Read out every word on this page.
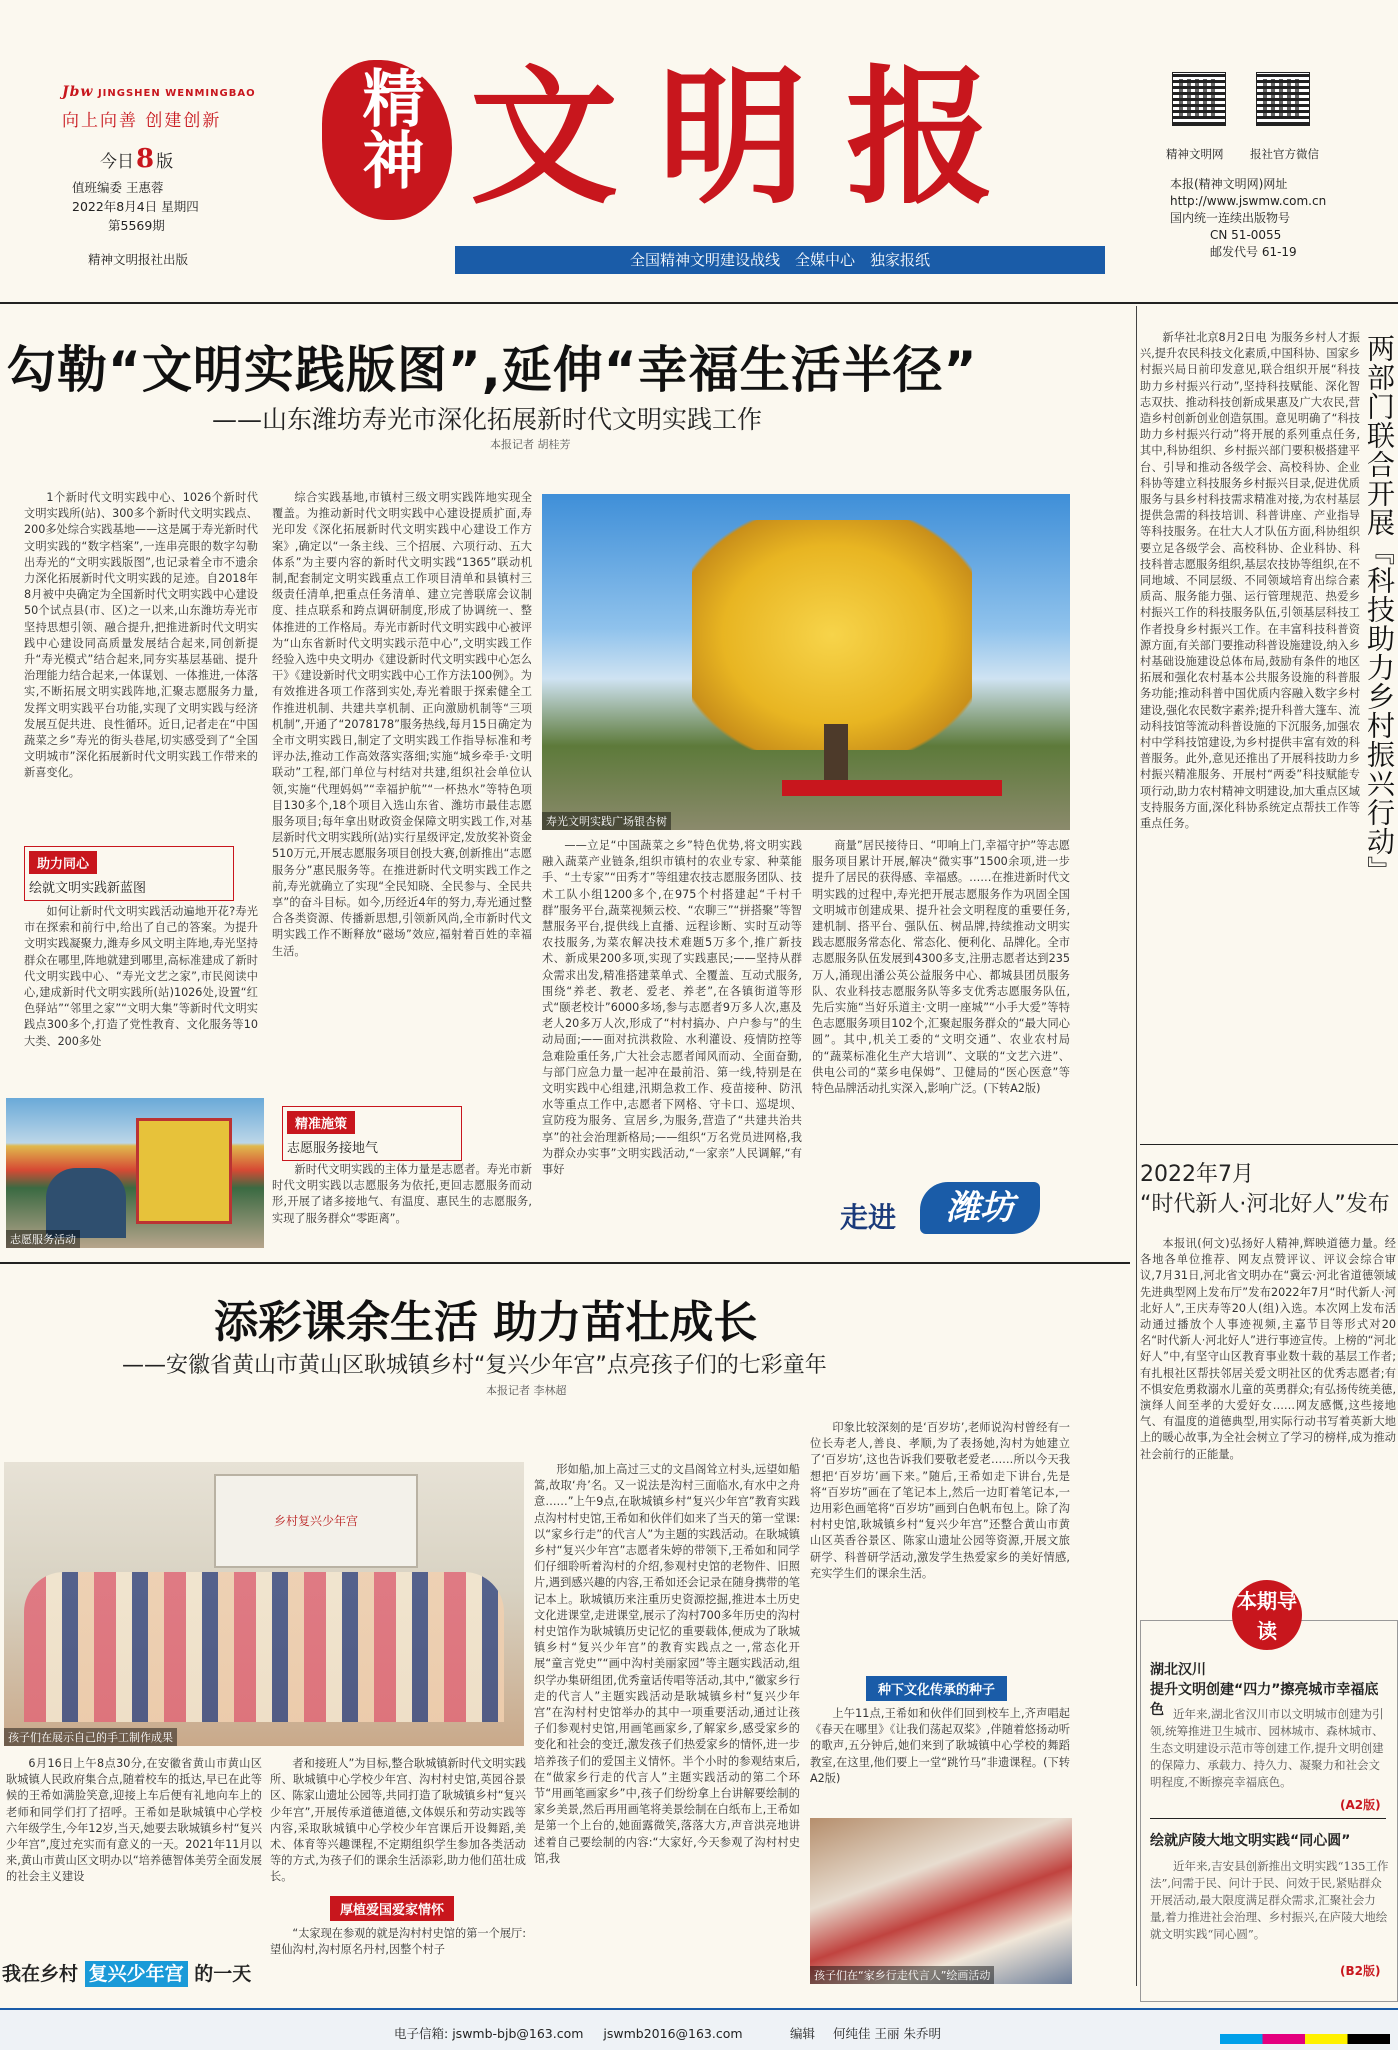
Jbw JINGSHEN WENMINGBAO
向上向善 创建创新
今日8 版
值班编委 王惠蓉
2022年8月4日 星期四
第5569期
精神文明报社出版
精神 文明报
全国精神文明建设战线　全媒中心　独家报纸
精神文明网 报社官方微信
本报(精神文明网)网址
http://www.jswmw.com.cn
国内统一连续出版物号
CN 51-0055
邮发代号 61-19
勾勒“文明实践版图”,延伸“幸福生活半径”
——山东潍坊寿光市深化拓展新时代文明实践工作
本报记者 胡桂芳

1个新时代文明实践中心、1026个新时代文明实践所(站)、300多个新时代文明实践点、200多处综合实践基地——这是属于寿光新时代文明实践的“数字档案”,一连串亮眼的数字勾勒出寿光的“文明实践版图”,也记录着全市不遗余力深化拓展新时代文明实践的足迹。自2018年8月被中央确定为全国新时代文明实践中心建设50个试点县(市、区)之一以来,山东潍坊寿光市坚持思想引领、融合提升,把推进新时代文明实践中心建设同高质量发展结合起来,同创新提升“寿光模式”结合起来,同夯实基层基础、提升治理能力结合起来,一体谋划、一体推进,一体落实,不断拓展文明实践阵地,汇聚志愿服务力量,发挥文明实践平台功能,实现了文明实践与经济发展互促共进、良性循环。近日,记者走在“中国蔬菜之乡”寿光的街头巷尾,切实感受到了“全国文明城市”深化拓展新时代文明实践工作带来的新喜变化。

助力同心
绘就文明实践新蓝图

如何让新时代文明实践活动遍地开花?寿光市在探索和前行中,给出了自己的答案。为提升文明实践凝聚力,潍寿乡风文明主阵地,寿光坚持群众在哪里,阵地就建到哪里,高标准建成了新时代文明实践中心、“寿光文艺之家”,市民阅读中心,建成新时代文明实践所(站)1026处,设置“红色驿站”“邻里之家”“文明大集”等新时代文明实践点300多个,打造了党性教育、文化服务等10大类、200多处

志愿服务活动

综合实践基地,市镇村三级文明实践阵地实现全覆盖。为推动新时代文明实践中心建设提质扩面,寿光印发《深化拓展新时代文明实践中心建设工作方案》,确定以“一条主线、三个招展、六项行动、五大体系”为主要内容的新时代文明实践“1365”联动机制,配套制定文明实践重点工作项目清单和县镇村三级责任清单,把重点任务清单、建立完善联席会议制度、挂点联系和跨点调研制度,形成了协调统一、整体推进的工作格局。寿光市新时代文明实践中心被评为“山东省新时代文明实践示范中心”,文明实践工作经验入选中央文明办《建设新时代文明实践中心怎么干》《建设新时代文明实践中心工作方法100例》。为有效推进各项工作落到实处,寿光着眼于探索健全工作推进机制、共建共享机制、正向激励机制等“三项机制”,开通了“2078178”服务热线,每月15日确定为全市文明实践日,制定了文明实践工作指导标准和考评办法,推动工作高效落实落细;实施“城乡牵手·文明联动”工程,部门单位与村结对共建,组织社会单位认领,实施“代理妈妈”“幸福护航”“一杯热水”等特色项目130多个,18个项目入选山东省、潍坊市最佳志愿服务项目;每年拿出财政资金保障文明实践工作,对基层新时代文明实践所(站)实行星级评定,发放奖补资金510万元,开展志愿服务项目创投大赛,创新推出“志愿服务分”惠民服务等。在推进新时代文明实践工作之前,寿光就确立了实现“全民知晓、全民参与、全民共享”的奋斗目标。如今,历经近4年的努力,寿光通过整合各类资源、传播新思想,引领新风尚,全市新时代文明实践工作不断释放“磁场”效应,福射着百姓的幸福生活。

精准施策
志愿服务接地气

新时代文明实践的主体力量是志愿者。寿光市新时代文明实践以志愿服务为依托,更回志愿服务而动形,开展了诸多接地气、有温度、惠民生的志愿服务,实现了服务群众“零距离”。

寿光文明实践广场银杏树

——立足“中国蔬菜之乡”特色优势,将文明实践融入蔬菜产业链条,组织市镇村的农业专家、种菜能手、“土专家”“田秀才”等组建农技志愿服务团队、技术工队小组1200多个,在975个村搭建起“千村千群”服务平台,蔬菜视频云校、“农聊三”“拼搭聚”等智慧服务平台,提供线上直播、远程诊断、实时互动等农技服务,为菜农解决技术难题5万多个,推广新技术、新成果200多项,实现了实践惠民;——坚持从群众需求出发,精准搭建菜单式、全覆盖、互动式服务,围绕“养老、教老、爱老、养老”,在各镇街道等形式“颐老校计”6000多场,参与志愿者9万多人次,惠及老人20多万人次,形成了“村村搞办、户户参与”的生动局面;——面对抗洪救险、水利灌设、疫情防控等急难险重任务,广大社会志愿者闻风而动、全面奋勤,与部门应急力量一起冲在最前沿、第一线,特别是在文明实践中心组建,汛期急救工作、疫苗接种、防汛水等重点工作中,志愿者下网格、守卡口、巡堤坝、宣防疫为服务、宣居乡,为服务,营造了“共建共治共享”的社会治理新格局;——组织“万名党员进网格,我为群众办实事”文明实践活动,“一家亲”人民调解,“有事好

商量”居民接待日、“叩响上门,幸福守护”等志愿服务项目累计开展,解决“微实事”1500余项,进一步提升了居民的获得感、幸福感。……在推进新时代文明实践的过程中,寿光把开展志愿服务作为巩固全国文明城市创建成果、提升社会文明程度的重要任务,建机制、搭平台、强队伍、树品牌,持续推动文明实践志愿服务常态化、常态化、便利化、品牌化。全市志愿服务队伍发展到4300多支,注册志愿者达到235万人,涌现出潘公英公益服务中心、都城县团员服务队、农业科技志愿服务队等多支优秀志愿服务队伍,先后实施“当好乐道主·文明一座城”“小手大爱”等特色志愿服务项目102个,汇聚起服务群众的“最大同心圆”。其中,机关工委的“文明交通”、农业农村局的“蔬菜标准化生产大培训”、文联的“文艺六进”、供电公司的“菜乡电保姆”、卫健局的“医心医意”等特色品牌活动扎实深入,影响广泛。(下转A2版)

走进	潍坊

新华社北京8月2日电 为服务乡村人才振兴,提升农民科技文化素质,中国科协、国家乡村振兴局日前印发意见,联合组织开展“科技助力乡村振兴行动”,坚持科技赋能、深化智志双扶、推动科技创新成果惠及广大农民,营造乡村创新创业创造氛围。意见明确了“科技助力乡村振兴行动”将开展的系列重点任务,其中,科协组织、乡村振兴部门要积极搭建平台、引导和推动各级学会、高校科协、企业科协等建立科技服务乡村振兴目录,促进优质服务与县乡村科技需求精准对接,为农村基层提供急需的科技培训、科普讲座、产业指导等科技服务。在壮大人才队伍方面,科协组织要立足各级学会、高校科协、企业科协、科技科普志愿服务组织,基层农技协等组织,在不同地域、不同层级、不同领域培育出综合素质高、服务能力强、运行管理规范、热爱乡村振兴工作的科技服务队伍,引领基层科技工作者投身乡村振兴工作。在丰富科技科普资源方面,有关部门要推动科普设施建设,纳入乡村基础设施建设总体布局,鼓励有条件的地区拓展和强化农村基本公共服务设施的科普服务功能;推动科普中国优质内容融入数字乡村建设,强化农民数字素养;提升科普大篷车、流动科技馆等流动科普设施的下沉服务,加强农村中学科技馆建设,为乡村提供丰富有效的科普服务。此外,意见还推出了开展科技助力乡村振兴精准服务、开展村“两委”科技赋能专项行动,助力农村精神文明建设,加大重点区域支持服务方面,深化科协系统定点帮扶工作等重点任务。	两部门联合开展『科技助力乡村振兴行动』
2022年7月
“时代新人·河北好人”发布

本报讯(何文)弘扬好人精神,辉映道德力量。经各地各单位推荐、网友点赞评议、评议会综合审议,7月31日,河北省文明办在“冀云·河北省道德领域先进典型网上发布厅”发布2022年7月“时代新人·河北好人”,王庆寿等20人(组)入选。本次网上发布活动通过播放个人事迹视频,主嘉节目等形式对20名“时代新人·河北好人”进行事迹宣传。上榜的“河北好人”中,有坚守山区教育事业数十载的基层工作者;有扎根社区帮扶邻居关爱文明社区的优秀志愿者;有不惧安危勇救溺水儿童的英勇群众;有弘扬传统美德,演绎人间至孝的大爱好女……网友感慨,这些接地气、有温度的道德典型,用实际行动书写着英新大地上的暖心故事,为全社会树立了学习的榜样,成为推动社会前行的正能量。

本期导读
湖北汉川
提升文明创建“四力”擦亮城市幸福底色 近年来,湖北省汉川市以文明城市创建为引领,统筹推进卫生城市、园林城市、森林城市、生态文明建设示范市等创建工作,提升文明创建的保障力、承载力、持久力、凝聚力和社会文明程度,不断擦亮幸福底色。
(A2版)
绘就庐陵大地文明实践“同心圆”
近年来,吉安县创新推出文明实践“135工作法”,问需于民、问计于民、问效于民,紧贴群众开展活动,最大限度满足群众需求,汇聚社会力量,着力推进社会治理、乡村振兴,在庐陵大地绘就文明实践“同心圆”。
(B2版)
添彩课余生活 助力苗壮成长
——安徽省黄山市黄山区耿城镇乡村“复兴少年宫”点亮孩子们的七彩童年
本报记者 李林超
乡村复兴少年宫
孩子们在展示自己的手工制作成果

6月16日上午8点30分,在安徽省黄山市黄山区耿城镇人民政府集合点,随着校车的抵达,早已在此等候的王希如满脸笑意,迎接上车后便有礼地向车上的老师和同学们打了招呼。王希如是耿城镇中心学校六年级学生,今年12岁,当天,她要去耿城镇乡村“复兴少年宫”,度过充实而有意义的一天。2021年11月以来,黄山市黄山区文明办以“培养德智体美劳全面发展的社会主义建设

者和接班人”为目标,整合耿城镇新时代文明实践所、耿城镇中心学校少年宫、沟村村史馆,英园谷景区、陈家山遗址公园等,共同打造了耿城镇乡村“复兴少年宫”,开展传承道德道德,文体娱乐和劳动实践等内容,采取耿城镇中心学校少年宫课后开设舞蹈,美术、体育等兴趣课程,不定期组织学生参加各类活动等的方式,为孩子们的课余生活添彩,助力他们茁壮成长。

厚植爱国爱家情怀

“太家现在参观的就是沟村村史馆的第一个展厅:望仙沟村,沟村原名丹村,因整个村子

形如船,加上高过三丈的文昌阁耸立村头,远望如船篙,故取‘舟’名。又一说法是沟村三面临水,有水中之舟意……”上午9点,在耿城镇乡村“复兴少年宫”教育实践点沟村村史馆,王希如和伙伴们如来了当天的第一堂课:以“家乡行走”的代言人”为主题的实践活动。在耿城镇乡村“复兴少年宫”志愿者朱婷的带领下,王希如和同学们仔细聆听着沟村的介绍,参观村史馆的老物件、旧照片,遇到感兴趣的内容,王希如还会记录在随身携带的笔记本上。耿城镇历来注重历史资源挖掘,推进本土历史文化进课堂,走进课堂,展示了沟村700多年历史的沟村村史馆作为耿城镇历史记忆的重要载体,便成为了耿城镇乡村“复兴少年宫”的教育实践点之一,常态化开展“童言党史”“画中沟村美丽家园”等主题实践活动,组织学办集研组团,优秀童话传唱等活动,其中,“徽家乡行走的代言人”主题实践活动是耿城镇乡村“复兴少年宫”在沟村村史馆举办的其中一项重要活动,通过让孩子们参观村史馆,用画笔画家乡,了解家乡,感受家乡的变化和社会的变迁,激发孩子们热爱家乡的情怀,进一步培养孩子们的爱国主义情怀。半个小时的参观结束后,在“做家乡行走的代言人”主题实践活动的第二个环节“用画笔画家乡”中,孩子们纷纷拿上台讲解要绘制的家乡美景,然后再用画笔将美景绘制在白纸布上,王希如是第一个上台的,她面露微笑,落落大方,声音洪亮地讲述着自己要绘制的内容:“大家好,今天参观了沟村村史馆,我

印象比较深刻的是‘百岁坊’,老师说沟村曾经有一位长寿老人,善良、孝顺,为了表扬她,沟村为她建立了‘百岁坊’,这也告诉我们要敬老爱老……所以今天我想把‘百岁坊’画下来。”随后,王希如走下讲台,先是将“百岁坊”画在了笔记本上,然后一边盯着笔记本,一边用彩色画笔将“百岁坊”画到白色帆布包上。除了沟村村史馆,耿城镇乡村“复兴少年宫”还整合黄山市黄山区英香谷景区、陈家山遗址公园等资源,开展文旅研学、科普研学活动,激发学生热爱家乡的美好情感,充实学生们的课余生活。

种下文化传承的种子

上午11点,王希如和伙伴们回到校车上,齐声唱起《春天在哪里》《让我们荡起双桨》,伴随着悠扬动听的歌声,五分钟后,她们来到了耿城镇中心学校的舞蹈教室,在这里,他们要上一堂“跳竹马”非遗课程。(下转A2版)

孩子们在“家乡行走代言人”绘画活动
我在乡村 复兴少年宫 的一天
电子信箱: jswmb-bjb@163.com jswmb2016@163.com	编辑 何纯佳 王丽 朱乔明
